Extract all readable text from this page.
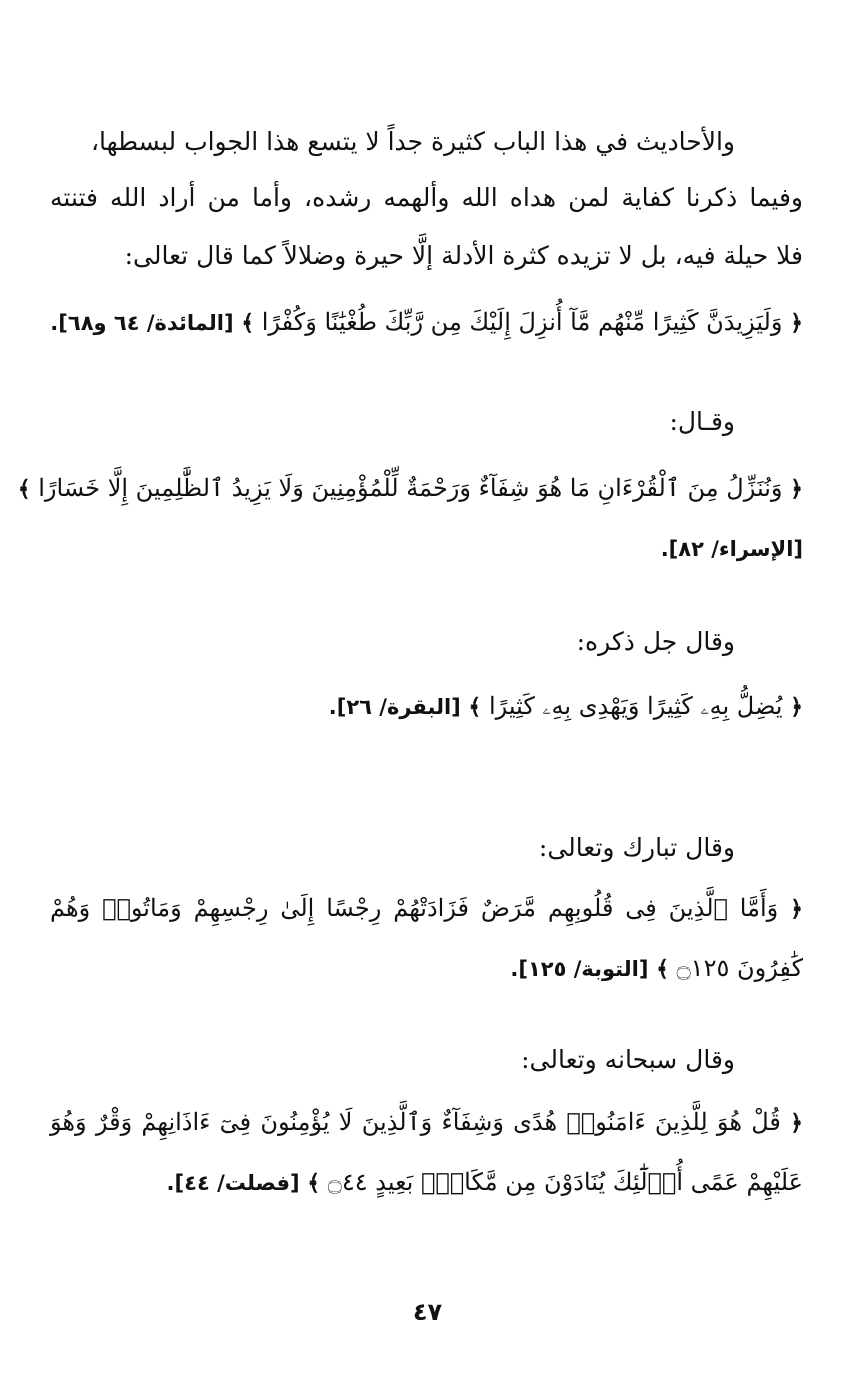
والأحاديث في هذا الباب كثيرة جداً لا يتسع هذا الجواب لبسطها،
وفيما ذكرنا كفاية لمن هداه الله وألهمه رشده، وأما من أراد الله فتنته
فلا حيلة فيه، بل لا تزيده كثرة الأدلة إلَّا حيرة وضلالاً كما قال تعالى:
﴿ وَلَيَزِيدَنَّ كَثِيرًا مِّنْهُم مَّآ أُنزِلَ إِلَيْكَ مِن رَّبِّكَ طُغْيَٰنًا وَكُفْرًا ﴾ [المائدة/ ٦٤ و٦٨].
وقـال:
﴿ وَنُنَزِّلُ مِنَ ٱلْقُرْءَانِ مَا هُوَ شِفَآءٌ وَرَحْمَةٌ لِّلْمُؤْمِنِينَ وَلَا يَزِيدُ ٱلظَّٰلِمِينَ إِلَّا خَسَارًا ﴾
[الإسراء/ ٨٢].
وقال جل ذكره:
﴿ يُضِلُّ بِهِۦ كَثِيرًا وَيَهْدِى بِهِۦ كَثِيرًا ﴾ [البقرة/ ٢٦].
وقال تبارك وتعالى:
﴿ وَأَمَّا ٱلَّذِينَ فِى قُلُوبِهِم مَّرَضٌ فَزَادَتْهُمْ رِجْسًا إِلَىٰ رِجْسِهِمْ وَمَاتُوا۟ وَهُمْ
كَٰفِرُونَ ۝١٢٥ ﴾ [التوبة/ ١٢٥].
وقال سبحانه وتعالى:
﴿ قُلْ هُوَ لِلَّذِينَ ءَامَنُوا۟ هُدًى وَشِفَآءٌ وَٱلَّذِينَ لَا يُؤْمِنُونَ فِىٓ ءَاذَانِهِمْ وَقْرٌ وَهُوَ
عَلَيْهِمْ عَمًى أُو۟لَٰٓئِكَ يُنَادَوْنَ مِن مَّكَانٍۭ بَعِيدٍ ۝٤٤ ﴾ [فصلت/ ٤٤].
٤٧
